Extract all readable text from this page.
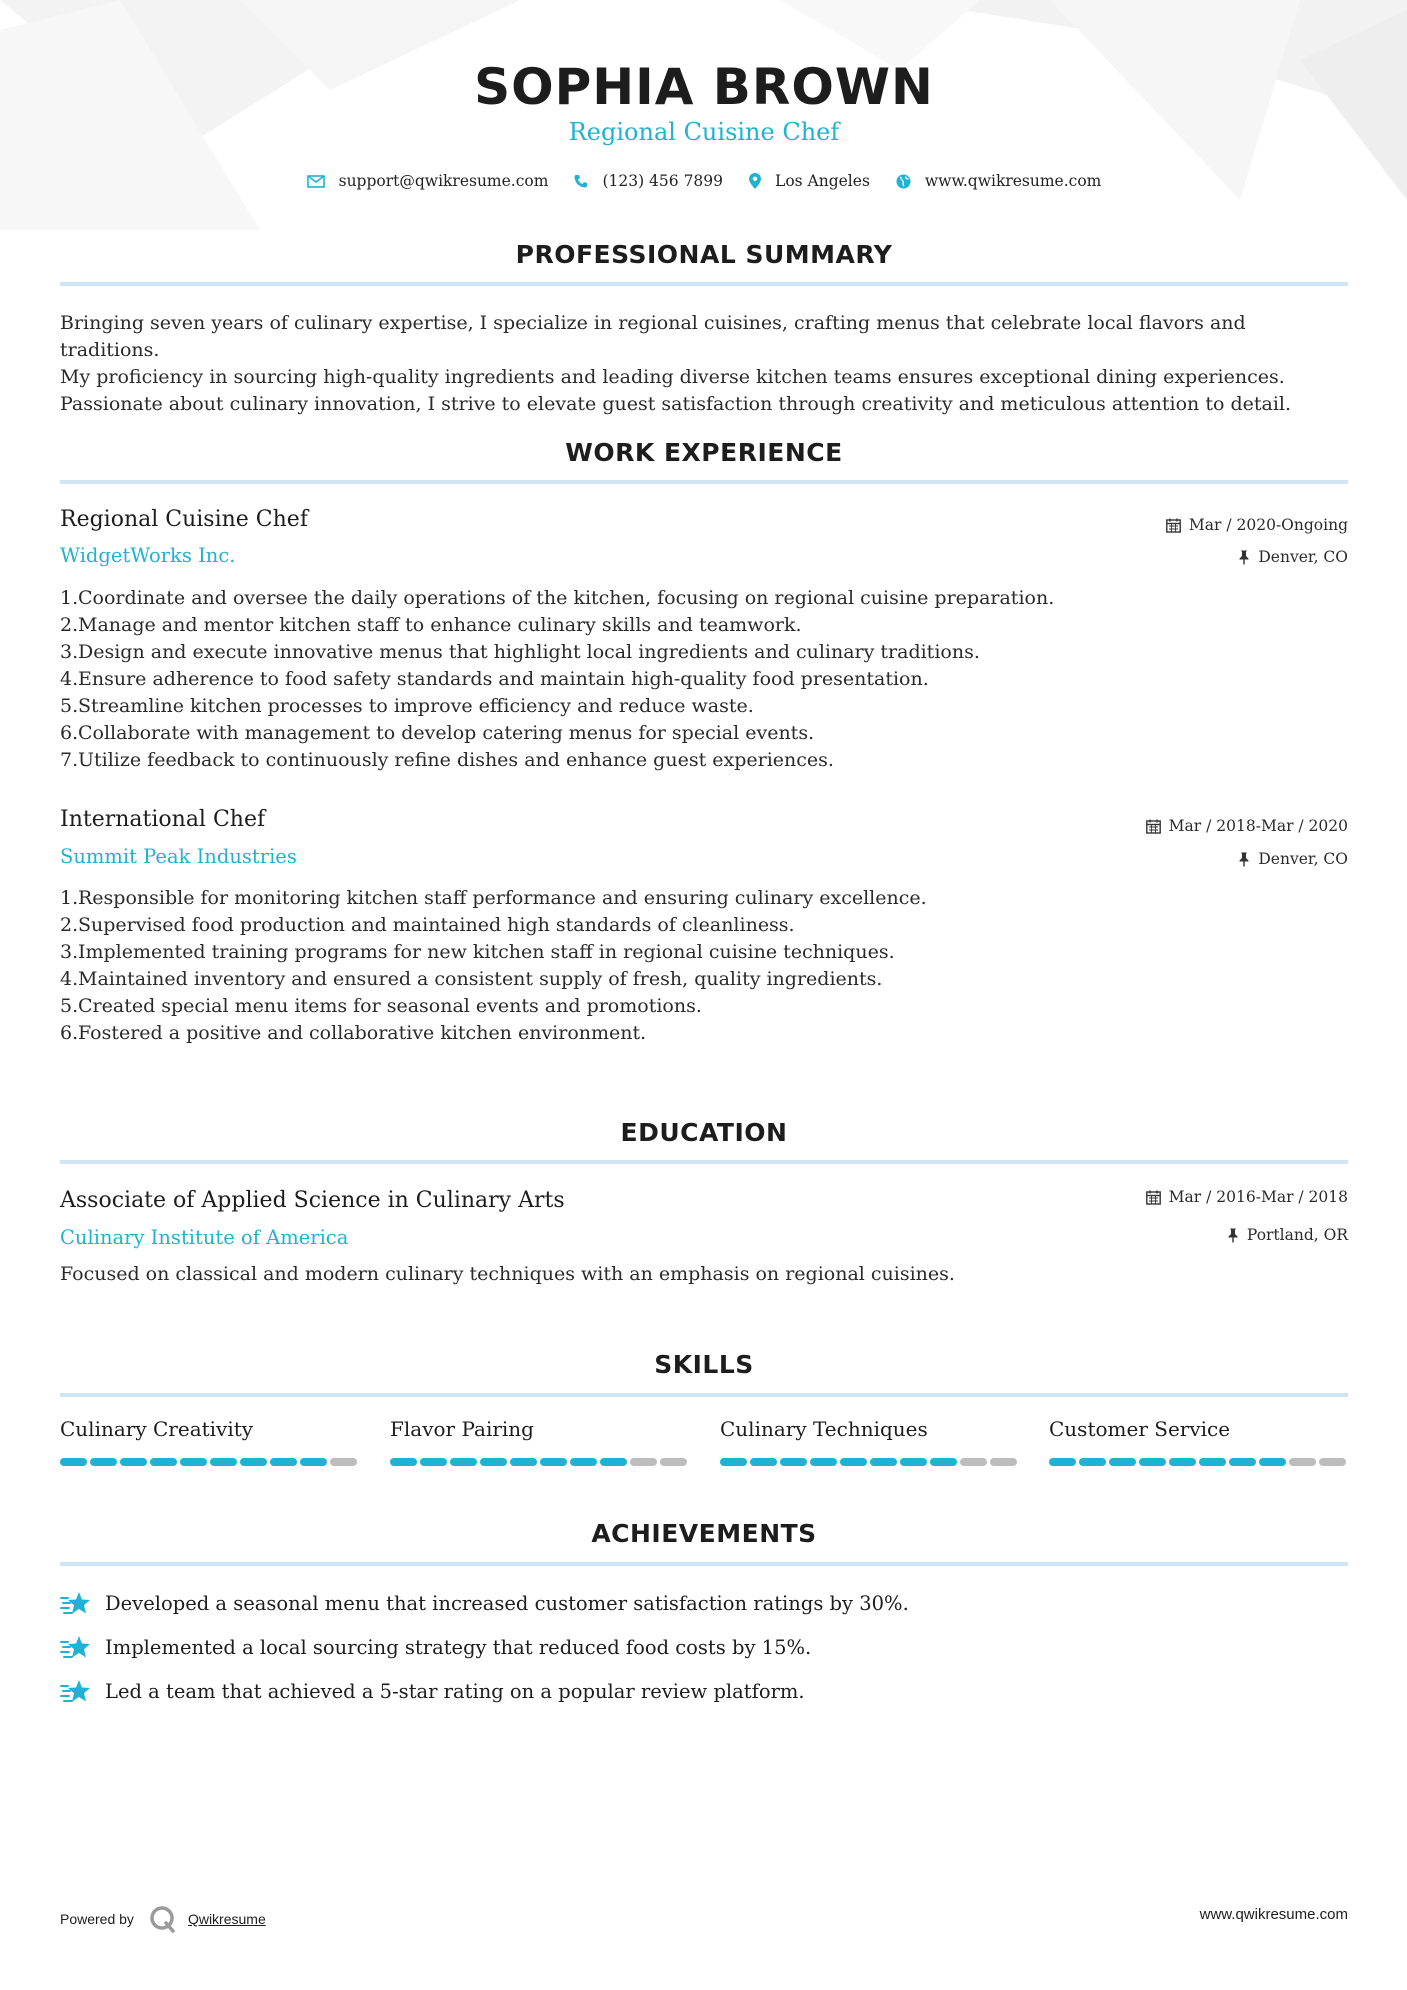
SOPHIA BROWN
Regional Cuisine Chef
support@qwikresume.com	(123) 456 7899	Los Angeles	www.qwikresume.com
PROFESSIONAL SUMMARY
Bringing seven years of culinary expertise, I specialize in regional cuisines, crafting menus that celebrate local flavors and traditions.
My proficiency in sourcing high-quality ingredients and leading diverse kitchen teams ensures exceptional dining experiences.
Passionate about culinary innovation, I strive to elevate guest satisfaction through creativity and meticulous attention to detail.
WORK EXPERIENCE
Regional Cuisine Chef
WidgetWorks Inc.
Mar / 2020-Ongoing
Denver, CO
1. Coordinate and oversee the daily operations of the kitchen, focusing on regional cuisine preparation.
2. Manage and mentor kitchen staff to enhance culinary skills and teamwork.
3. Design and execute innovative menus that highlight local ingredients and culinary traditions.
4. Ensure adherence to food safety standards and maintain high-quality food presentation.
5. Streamline kitchen processes to improve efficiency and reduce waste.
6. Collaborate with management to develop catering menus for special events.
7. Utilize feedback to continuously refine dishes and enhance guest experiences.
International Chef
Summit Peak Industries
Mar / 2018-Mar / 2020
Denver, CO
1. Responsible for monitoring kitchen staff performance and ensuring culinary excellence.
2. Supervised food production and maintained high standards of cleanliness.
3. Implemented training programs for new kitchen staff in regional cuisine techniques.
4. Maintained inventory and ensured a consistent supply of fresh, quality ingredients.
5. Created special menu items for seasonal events and promotions.
6. Fostered a positive and collaborative kitchen environment.
EDUCATION
Associate of Applied Science in Culinary Arts
Culinary Institute of America
Mar / 2016-Mar / 2018
Portland, OR
Focused on classical and modern culinary techniques with an emphasis on regional cuisines.
SKILLS
Culinary Creativity	Flavor Pairing	Culinary Techniques	Customer Service
ACHIEVEMENTS
Developed a seasonal menu that increased customer satisfaction ratings by 30%.
Implemented a local sourcing strategy that reduced food costs by 15%.
Led a team that achieved a 5-star rating on a popular review platform.
Powered by	Qwikresume	www.qwikresume.com
